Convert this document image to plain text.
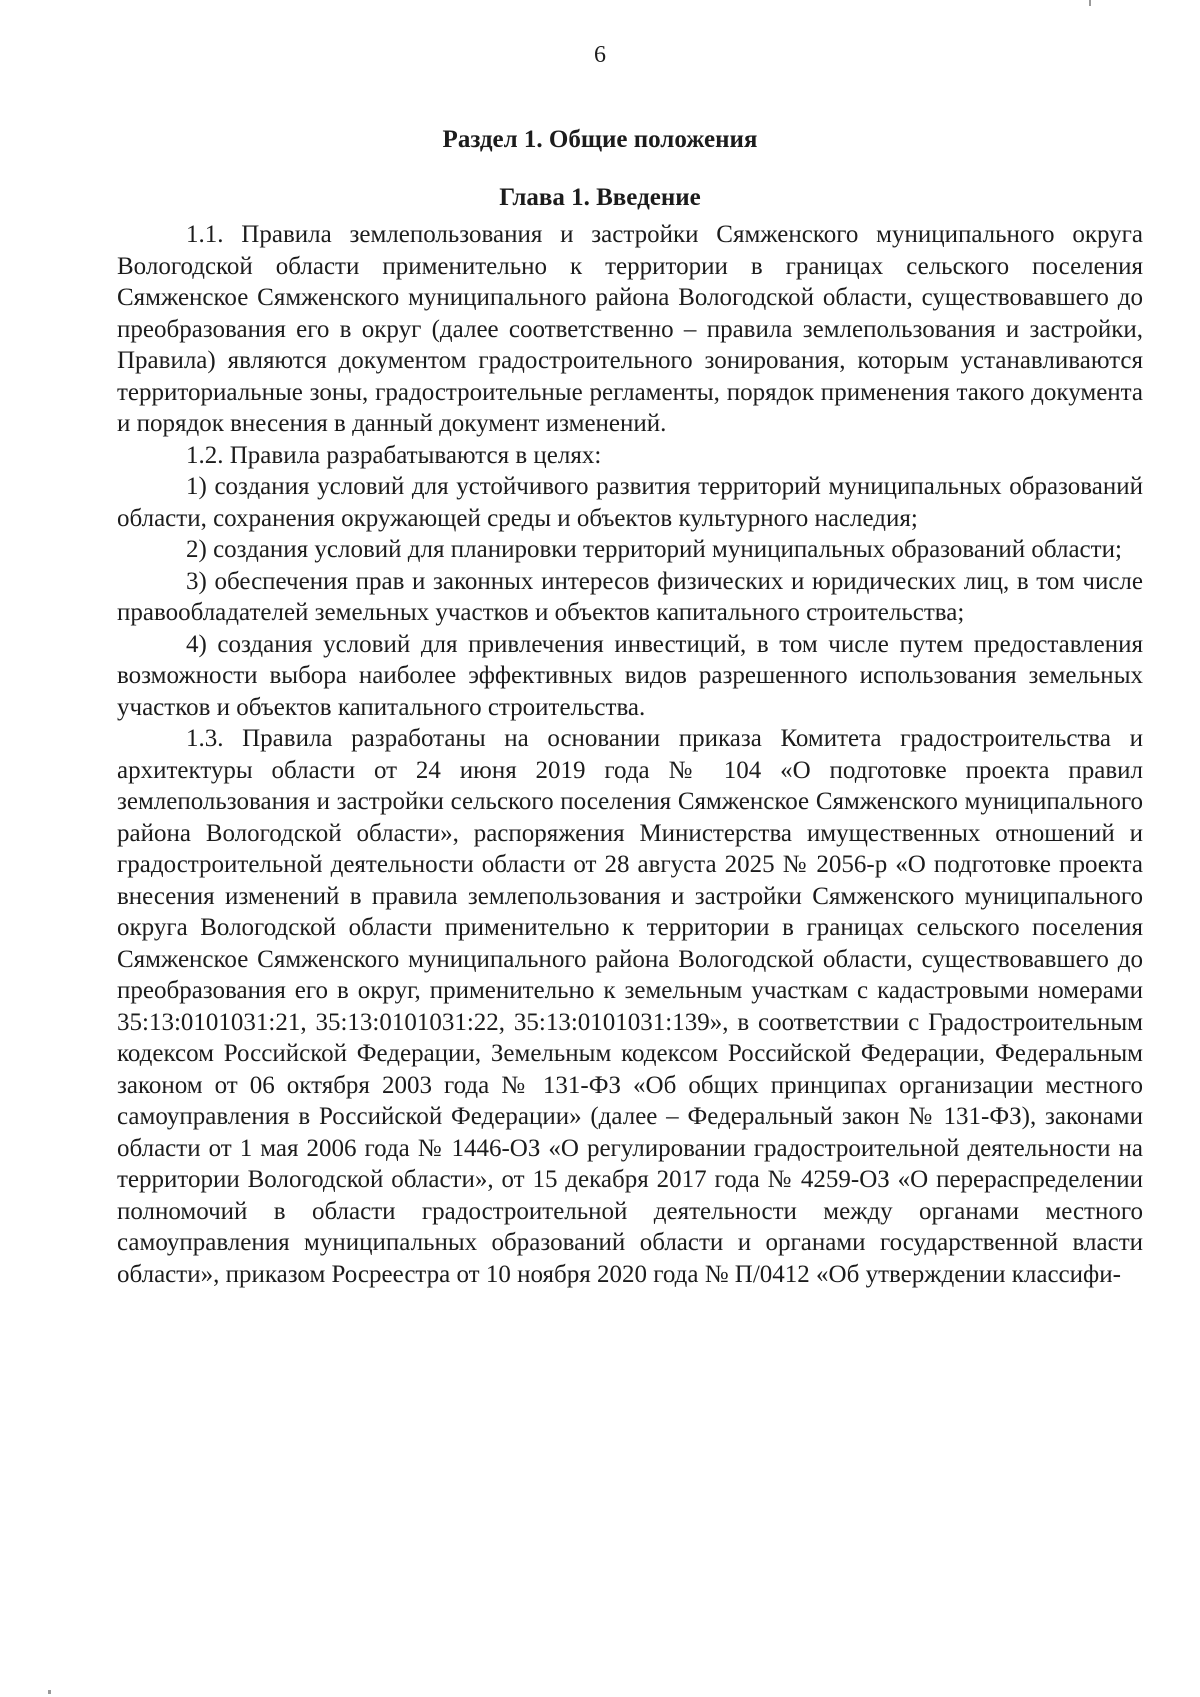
6
Раздел 1. Общие положения
Глава 1. Введение

1.1. Правила землепользования и застройки Сямженского муниципального округа Вологодской области применительно к территории в границах сельского поселения Сямженское Сямженского муниципального района Вологодской области, существовавшего до преобразования его в округ (далее соответственно – правила землепользования и застройки, Правила) являются документом градостроительного зонирования, которым устанавливаются территориальные зоны, градостроительные регламенты, порядок применения такого документа и порядок внесения в данный документ изменений.

1.2. Правила разрабатываются в целях:

1) создания условий для устойчивого развития территорий муниципальных образований области, сохранения окружающей среды и объектов культурного наследия;

2) создания условий для планировки территорий муниципальных образований области;

3) обеспечения прав и законных интересов физических и юридических лиц, в том числе правообладателей земельных участков и объектов капитального строительства;

4) создания условий для привлечения инвестиций, в том числе путем предоставления возможности выбора наиболее эффективных видов разрешенного использования земельных участков и объектов капитального строительства.

1.3. Правила разработаны на основании приказа Комитета градостроительства и архитектуры области от 24 июня 2019 года № 104 «О подготовке проекта правил землепользования и застройки сельского поселения Сямженское Сямженского муниципального района Вологодской области», распоряжения Министерства имущественных отношений и градостроительной деятельности области от 28 августа 2025 № 2056-р «О подготовке проекта внесения изменений в правила землепользования и застройки Сямженского муниципального округа Вологодской области применительно к территории в границах сельского поселения Сямженское Сямженского муниципального района Вологодской области, существовавшего до преобразования его в округ, применительно к земельным участкам с кадастровыми номерами 35:13:0101031:21, 35:13:0101031:22, 35:13:0101031:139», в соответствии с Градостроительным кодексом Российской Федерации, Земельным кодексом Российской Федерации, Федеральным законом от 06 октября 2003 года № 131-ФЗ «Об общих принципах организации местного самоуправления в Российской Федерации» (далее – Федеральный закон № 131-ФЗ), законами области от 1 мая 2006 года № 1446-ОЗ «О регулировании градостроительной деятельности на территории Вологодской области», от 15 декабря 2017 года № 4259-ОЗ «О перераспределении полномочий в области градостроительной деятельности между органами местного самоуправления муниципальных образований области и органами государственной власти области», приказом Росреестра от 10 ноября 2020 года № П/0412 «Об утверждении классифи-
